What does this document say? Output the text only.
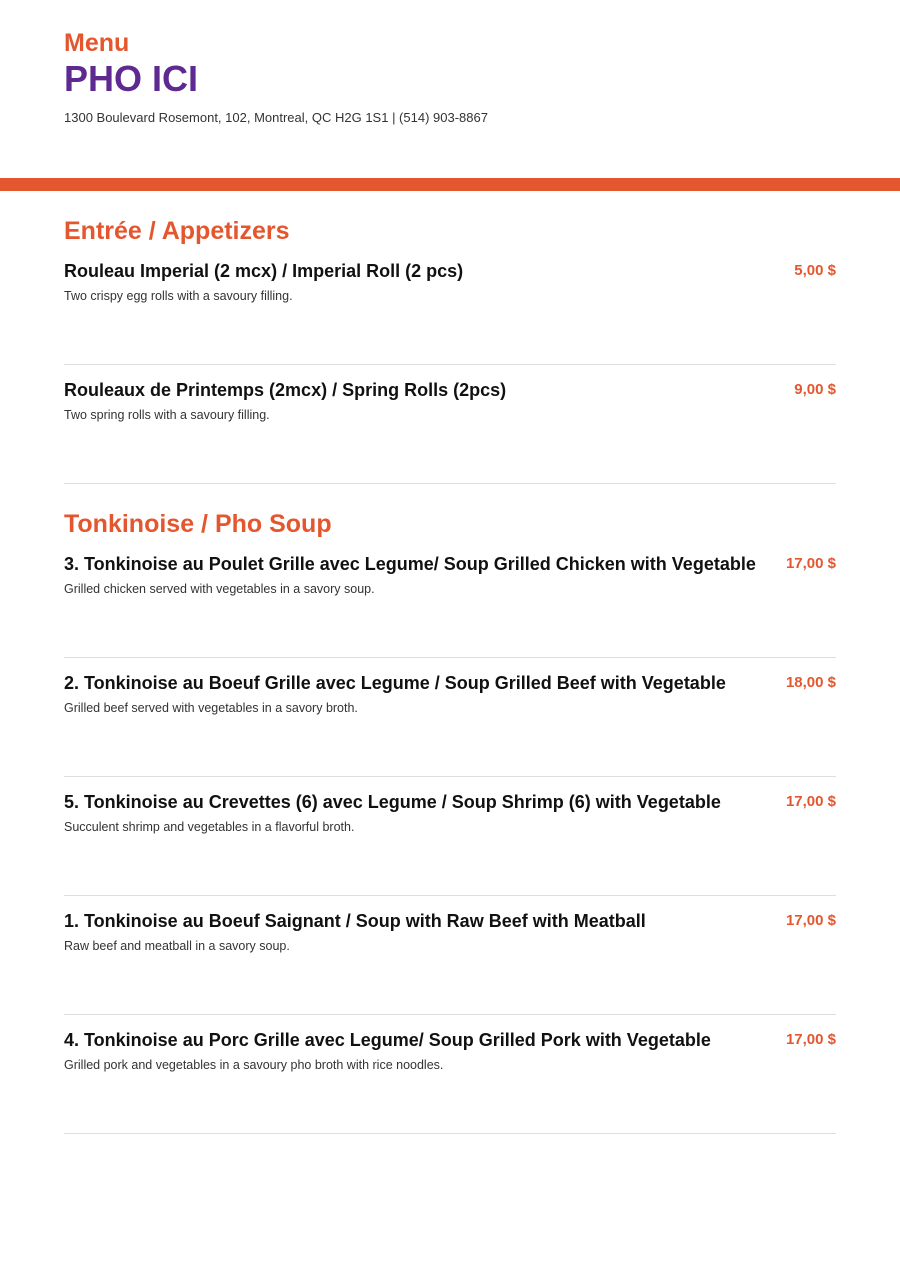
Menu
PHO ICI
1300 Boulevard Rosemont, 102, Montreal, QC H2G 1S1 | (514) 903-8867
Entrée / Appetizers
Rouleau Imperial (2 mcx) / Imperial Roll (2 pcs)	5,00 $
Two crispy egg rolls with a savoury filling.
Rouleaux de Printemps (2mcx) / Spring Rolls (2pcs)	9,00 $
Two spring rolls with a savoury filling.
Tonkinoise / Pho Soup
3. Tonkinoise au Poulet Grille avec Legume/ Soup Grilled Chicken with Vegetable 17,00 $
Grilled chicken served with vegetables in a savory soup.
2. Tonkinoise au Boeuf Grille avec Legume / Soup Grilled Beef with Vegetable	18,00 $
Grilled beef served with vegetables in a savory broth.
5. Tonkinoise au Crevettes (6) avec Legume / Soup Shrimp (6) with Vegetable	17,00 $
Succulent shrimp and vegetables in a flavorful broth.
1. Tonkinoise au Boeuf Saignant / Soup with Raw Beef with Meatball	17,00 $
Raw beef and meatball in a savory soup.
4. Tonkinoise au Porc Grille avec Legume/ Soup Grilled Pork with Vegetable	17,00 $
Grilled pork and vegetables in a savoury pho broth with rice noodles.
